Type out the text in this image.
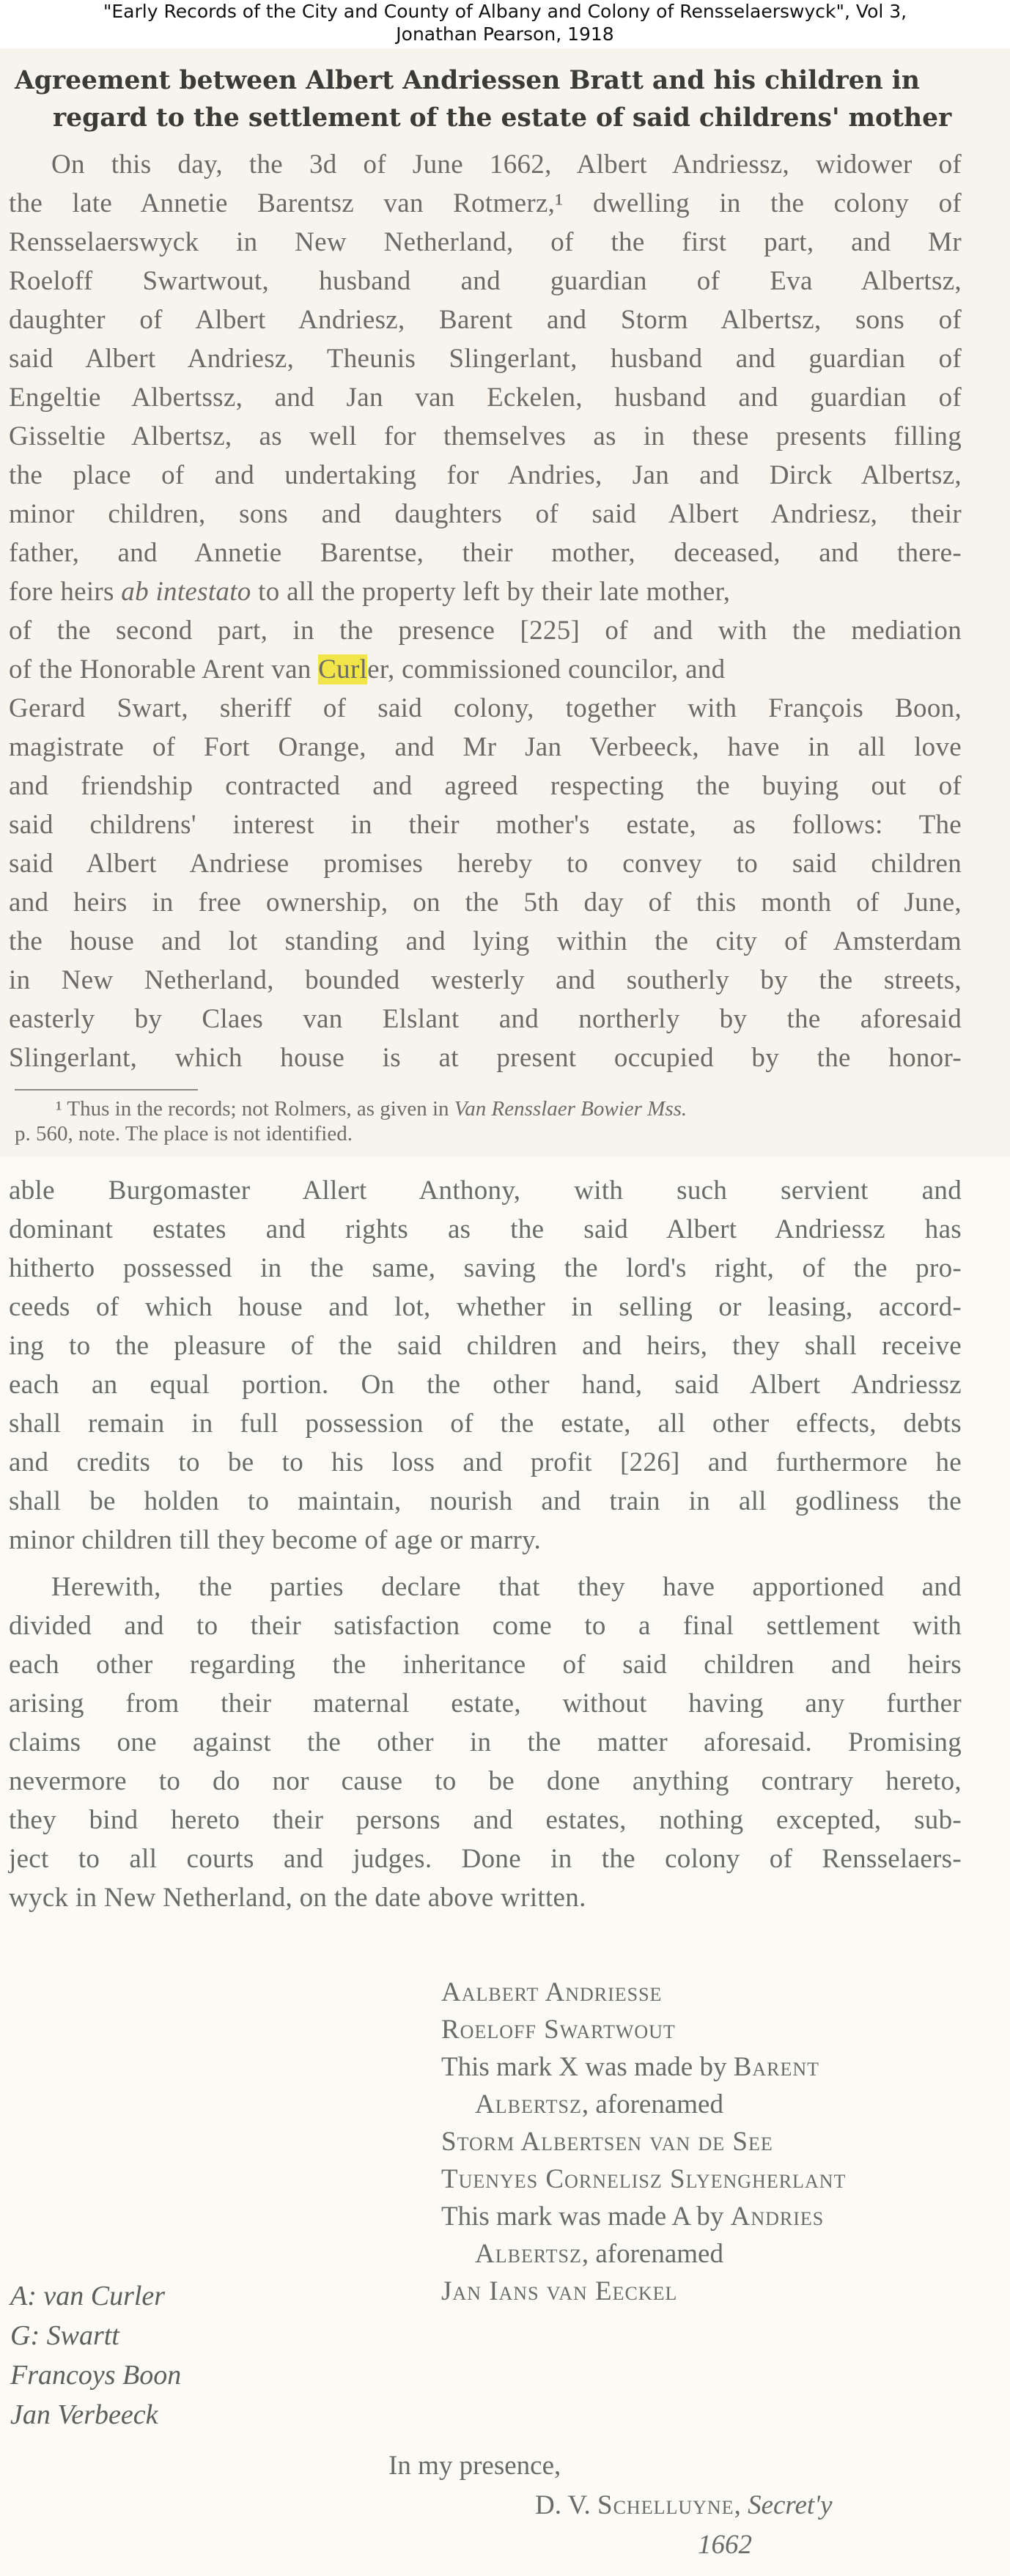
"Early Records of the City and County of Albany and Colony of Rensselaerswyck", Vol 3,
Jonathan Pearson, 1918
Agreement between Albert Andriessen Bratt and his children in
regard to the settlement of the estate of said childrens' mother
On this day, the 3d of June 1662, Albert Andriessz, widower of
the late Annetie Barentsz van Rotmerz,¹ dwelling in the colony of
Rensselaerswyck in New Netherland, of the first part, and Mr
Roeloff Swartwout, husband and guardian of Eva Albertsz,
daughter of Albert Andriesz, Barent and Storm Albertsz, sons of
said Albert Andriesz, Theunis Slingerlant, husband and guardian of
Engeltie Albertssz, and Jan van Eckelen, husband and guardian of
Gisseltie Albertsz, as well for themselves as in these presents filling
the place of and undertaking for Andries, Jan and Dirck Albertsz,
minor children, sons and daughters of said Albert Andriesz, their
father, and Annetie Barentse, their mother, deceased, and there-
fore heirs ab intestato to all the property left by their late mother,
of the second part, in the presence [225] of and with the mediation
of the Honorable Arent van Curler, commissioned councilor, and
Gerard Swart, sheriff of said colony, together with François Boon,
magistrate of Fort Orange, and Mr Jan Verbeeck, have in all love
and friendship contracted and agreed respecting the buying out of
said childrens' interest in their mother's estate, as follows: The
said Albert Andriese promises hereby to convey to said children
and heirs in free ownership, on the 5th day of this month of June,
the house and lot standing and lying within the city of Amsterdam
in New Netherland, bounded westerly and southerly by the streets,
easterly by Claes van Elslant and northerly by the aforesaid
Slingerlant, which house is at present occupied by the honor-
¹ Thus in the records; not Rolmers, as given in Van Rensslaer Bowier Mss.
p. 560, note. The place is not identified.
able Burgomaster Allert Anthony, with such servient and
dominant estates and rights as the said Albert Andriessz has
hitherto possessed in the same, saving the lord's right, of the pro-
ceeds of which house and lot, whether in selling or leasing, accord-
ing to the pleasure of the said children and heirs, they shall receive
each an equal portion. On the other hand, said Albert Andriessz
shall remain in full possession of the estate, all other effects, debts
and credits to be to his loss and profit [226] and furthermore he
shall be holden to maintain, nourish and train in all godliness the
minor children till they become of age or marry.
Herewith, the parties declare that they have apportioned and
divided and to their satisfaction come to a final settlement with
each other regarding the inheritance of said children and heirs
arising from their maternal estate, without having any further
claims one against the other in the matter aforesaid. Promising
nevermore to do nor cause to be done anything contrary hereto,
they bind hereto their persons and estates, nothing excepted, sub-
ject to all courts and judges. Done in the colony of Rensselaers-
wyck in New Netherland, on the date above written.
Aalbert Andriesse
Roeloff Swartwout
This mark X was made by Barent
Albertsz, aforenamed
Storm Albertsen van de See
Tuenyes Cornelisz Slyengherlant
This mark was made A by Andries
Albertsz, aforenamed
Jan Ians van Eeckel
A: van Curler
G: Swartt
Francoys Boon
Jan Verbeeck
In my presence,
D. V. Schelluyne, Secret'y
1662
